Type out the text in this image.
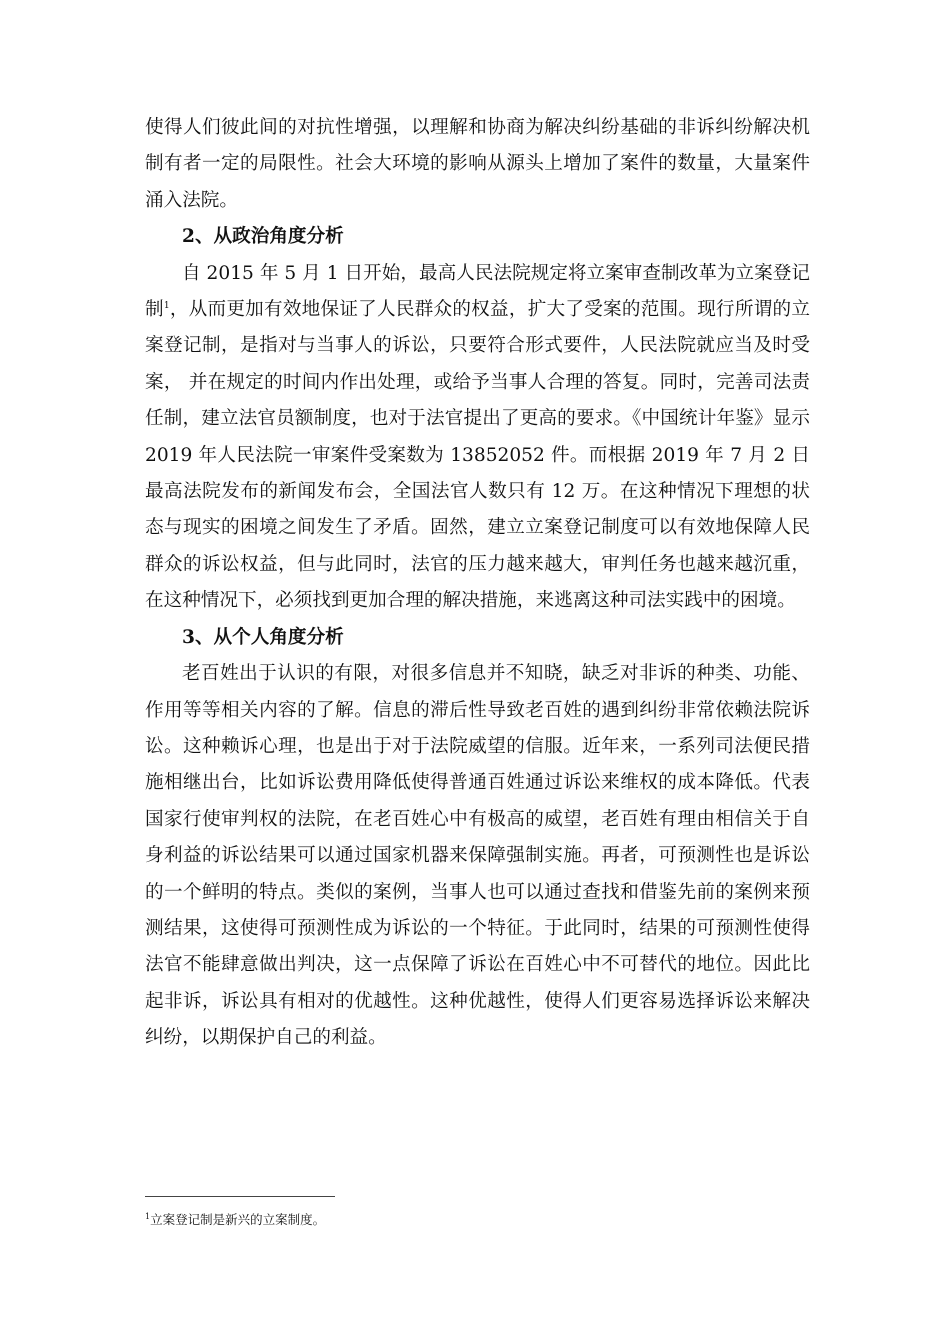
使得人们彼此间的对抗性增强，以理解和协商为解决纠纷基础的非诉纠纷解决机制有者一定的局限性。社会大环境的影响从源头上增加了案件的数量，大量案件涌入法院。

2、从政治角度分析

自 2015 年 5 月 1 日开始，最高人民法院规定将立案审查制改革为立案登记制$^1$，从而更加有效地保证了人民群众的权益，扩大了受案的范围。现行所谓的立案登记制，是指对与当事人的诉讼，只要符合形式要件，人民法院就应当及时受案， 并在规定的时间内作出处理，或给予当事人合理的答复。同时，完善司法责任制，建立法官员额制度，也对于法官提出了更高的要求。《中国统计年鉴》显示 2019 年人民法院一审案件受案数为 13852052 件。而根据 2019 年 7 月 2 日最高法院发布的新闻发布会，全国法官人数只有 12 万。在这种情况下理想的状态与现实的困境之间发生了矛盾。固然，建立立案登记制度可以有效地保障人民群众的诉讼权益，但与此同时，法官的压力越来越大，审判任务也越来越沉重，在这种情况下，必须找到更加合理的解决措施，来逃离这种司法实践中的困境。

3、从个人角度分析

老百姓出于认识的有限，对很多信息并不知晓，缺乏对非诉的种类、功能、作用等等相关内容的了解。信息的滞后性导致老百姓的遇到纠纷非常依赖法院诉讼。这种赖诉心理，也是出于对于法院威望的信服。近年来，一系列司法便民措施相继出台，比如诉讼费用降低使得普通百姓通过诉讼来维权的成本降低。代表国家行使审判权的法院，在老百姓心中有极高的威望，老百姓有理由相信关于自身利益的诉讼结果可以通过国家机器来保障强制实施。再者，可预测性也是诉讼的一个鲜明的特点。类似的案例，当事人也可以通过查找和借鉴先前的案例来预测结果，这使得可预测性成为诉讼的一个特征。于此同时，结果的可预测性使得法官不能肆意做出判决，这一点保障了诉讼在百姓心中不可替代的地位。因此比起非诉，诉讼具有相对的优越性。这种优越性，使得人们更容易选择诉讼来解决纠纷，以期保护自己的利益。

$^1$立案登记制是新兴的立案制度。
